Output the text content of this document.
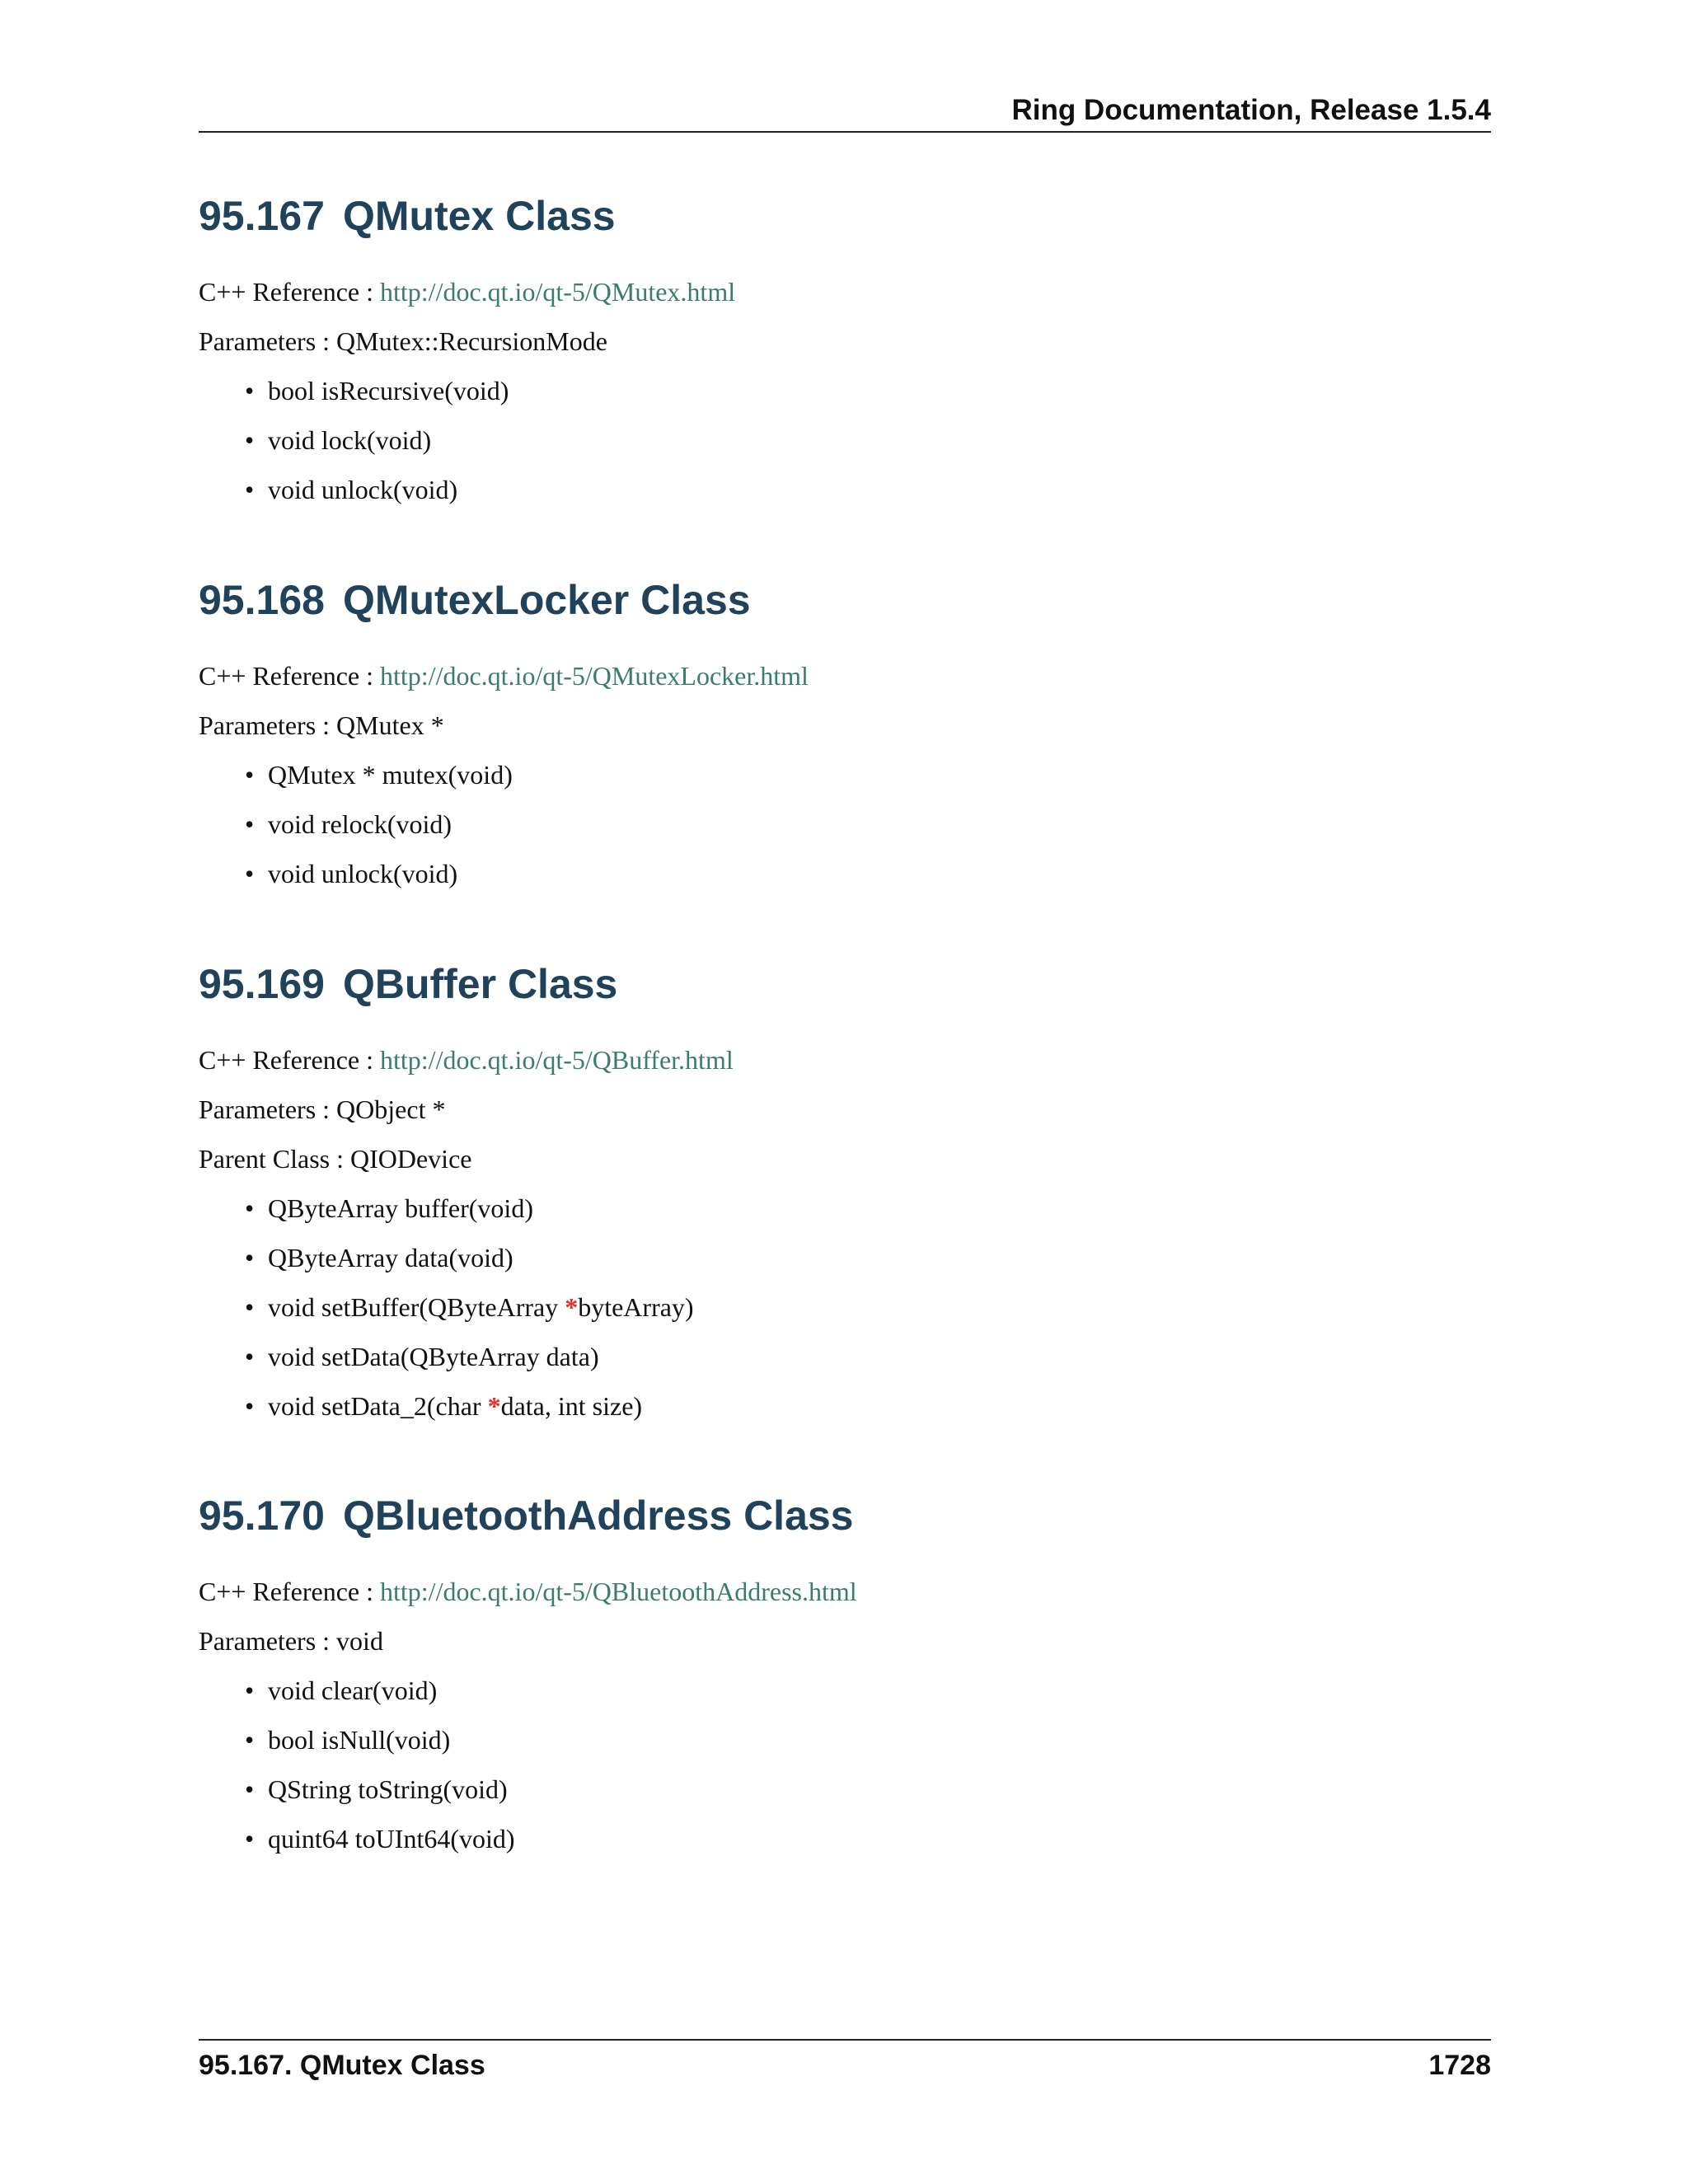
Ring Documentation, Release 1.5.4
95.167 QMutex Class

C++ Reference : http://doc.qt.io/qt-5/QMutex.html

Parameters : QMutex::RecursionMode

• bool isRecursive(void)
• void lock(void)
• void unlock(void)
95.168 QMutexLocker Class

C++ Reference : http://doc.qt.io/qt-5/QMutexLocker.html

Parameters : QMutex *

• QMutex * mutex(void)
• void relock(void)
• void unlock(void)
95.169 QBuffer Class

C++ Reference : http://doc.qt.io/qt-5/QBuffer.html

Parameters : QObject *

Parent Class : QIODevice

• QByteArray buffer(void)
• QByteArray data(void)
• void setBuffer(QByteArray *byteArray)
• void setData(QByteArray data)
• void setData_2(char *data, int size)
95.170 QBluetoothAddress Class

C++ Reference : http://doc.qt.io/qt-5/QBluetoothAddress.html

Parameters : void

• void clear(void)
• bool isNull(void)
• QString toString(void)
• quint64 toUInt64(void)
95.167. QMutex Class	1728
